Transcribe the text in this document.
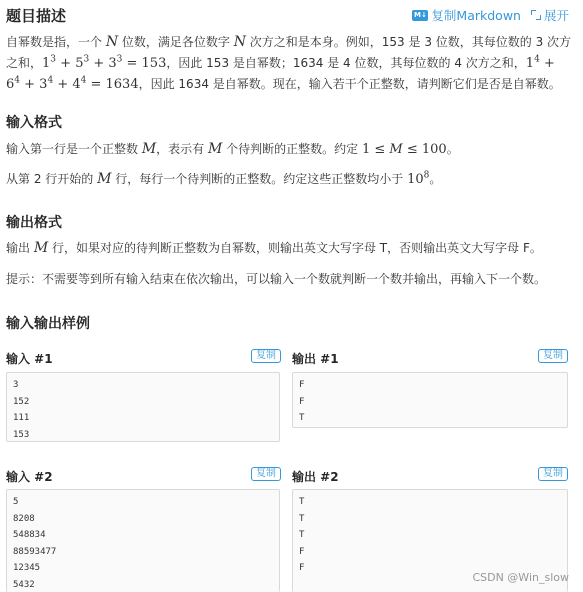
题目描述	M↓ 复制Markdown 展开
自幂数是指，一个 N 位数，满足各位数字 N 次方之和是本身。例如，153 是 3 位数，其每位数的 3 次方
之和，$1^3 + 5^3 + 3^3 = 153$，因此 153 是自幂数；1634 是 4 位数，其每位数的 4 次方之和，$1^4$ +
$6^4 + 3^4 + 4^4 = 1634$，因此 1634 是自幂数。现在，输入若干个正整数，请判断它们是否是自幂数。
输入格式
输入第一行是一个正整数 M，表示有 M 个待判断的正整数。约定 1 ≤ M ≤ 100。
从第 2 行开始的 M 行，每行一个待判断的正整数。约定这些正整数均小于 $10^8$。
输出格式
输出 M 行，如果对应的待判断正整数为自幂数，则输出英文大写字母 T，否则输出英文大写字母 F。
提示：不需要等到所有输入结束在依次输出，可以输入一个数就判断一个数并输出，再输入下一个数。
输入输出样例
输入 #1	复制
3
152
111
153
输出 #1	复制
F
F
T
输入 #2	复制
5
8208
548834
88593477
12345
5432
输出 #2	复制
T
T
T
F
F
CSDN @Win_slow
